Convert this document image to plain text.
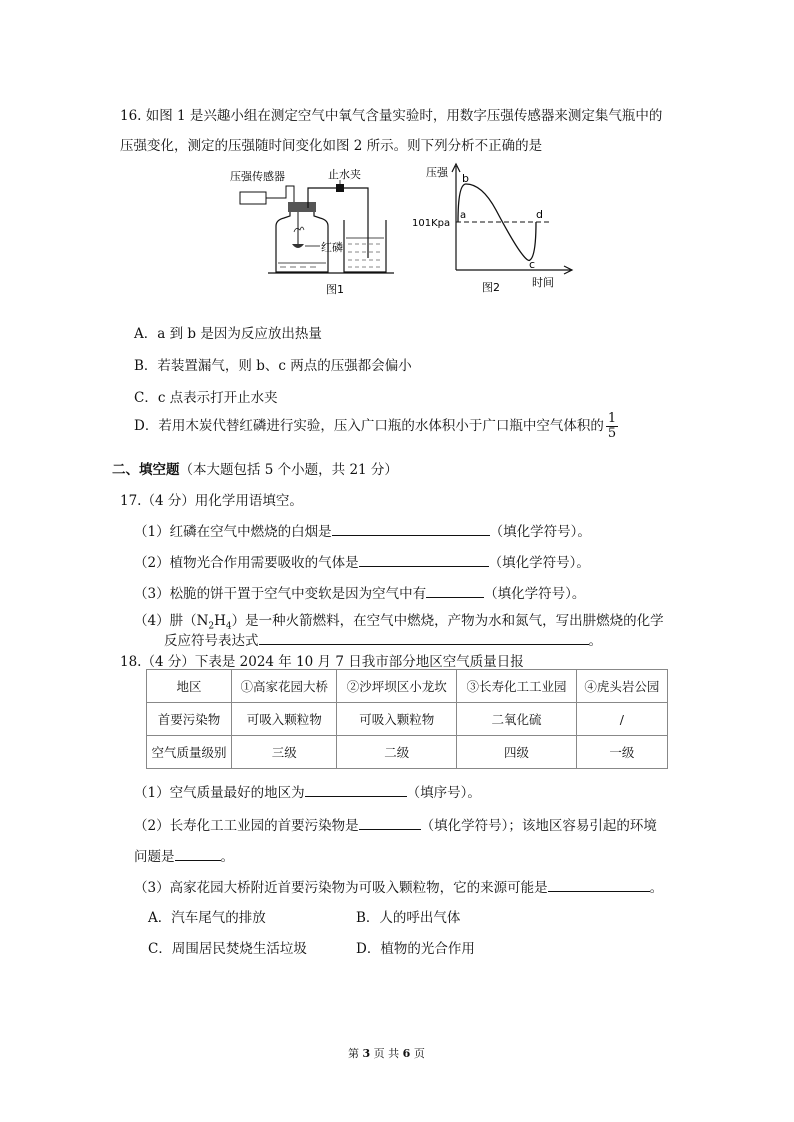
16. 如图 1 是兴趣小组在测定空气中氧气含量实验时，用数字压强传感器来测定集气瓶中的
压强变化，测定的压强随时间变化如图 2 所示。则下列分析不正确的是
压强传感器	止水夹
红磷
图1
压强
101Kpa
a
b
c
d
时间
图2
A．a 到 b 是因为反应放出热量
B．若装置漏气，则 b、c 两点的压强都会偏小
C．c 点表示打开止水夹
D．若用木炭代替红磷进行实验，压入广口瓶的水体积小于广口瓶中空气体积的 $\frac{1}{5}$
二、填空题（本大题包括 5 个小题，共 21 分）
17.（4 分）用化学用语填空。
（1）红磷在空气中燃烧的白烟是	（填化学符号）。
（2）植物光合作用需要吸收的气体是	（填化学符号）。
（3）松脆的饼干置于空气中变软是因为空气中有	（填化学符号）。
（4）肼$(N_2H_4)$是一种火箭燃料，在空气中燃烧，产物为水和氮气，写出肼燃烧的化学
反应符号表达式	。
18.（4 分）下表是 2024 年 10 月 7 日我市部分地区空气质量日报
地区	①高家花园大桥	②沙坪坝区小龙坎	③长寿化工工业园	④虎头岩公园
首要污染物	可吸入颗粒物	可吸入颗粒物	二氧化硫	/
空气质量级别	三级	二级	四级	一级
（1）空气质量最好的地区为	（填序号）。
（2）长寿化工工业园的首要污染物是	（填化学符号）；该地区容易引起的环境
问题是	。
（3）高家花园大桥附近首要污染物为可吸入颗粒物，它的来源可能是	。
A．汽车尾气的排放	B．人的呼出气体
C．周围居民焚烧生活垃圾	D．植物的光合作用
第 3 页 共 6 页
